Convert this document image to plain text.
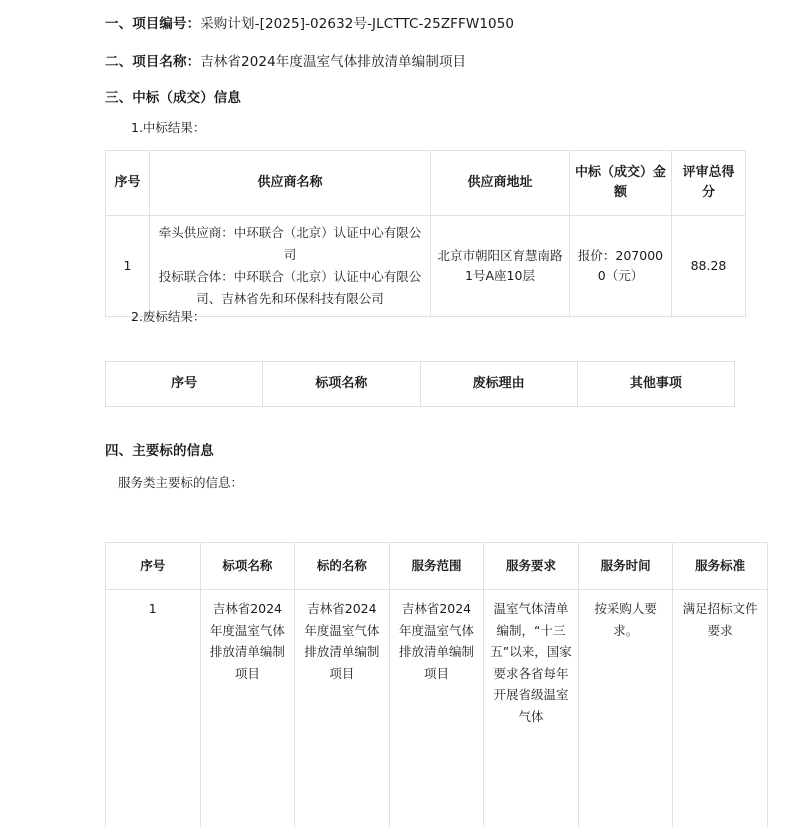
一、项目编号：采购计划-[2025]-02632号-JLCTTC-25ZFFW1050
二、项目名称：吉林省2024年度温室气体排放清单编制项目
三、中标（成交）信息
1.中标结果：
序号	供应商名称	供应商地址	中标（成交）金额	评审总得分
1	牵头供应商：中环联合（北京）认证中心有限公司
投标联合体：中环联合（北京）认证中心有限公司、吉林省先和环保科技有限公司	北京市朝阳区育慧南路1号A座10层	报价：2070000（元）	88.28
2.废标结果：
序号	标项名称	废标理由	其他事项
四、主要标的信息
服务类主要标的信息：
序号	标项名称	标的名称	服务范围	服务要求	服务时间	服务标准
1	吉林省2024年度温室气体排放清单编制项目	吉林省2024年度温室气体排放清单编制项目	吉林省2024年度温室气体排放清单编制项目	温室气体清单编制，“十三五”以来，国家要求各省每年开展省级温室气体	按采购人要求。	满足招标文件要求
